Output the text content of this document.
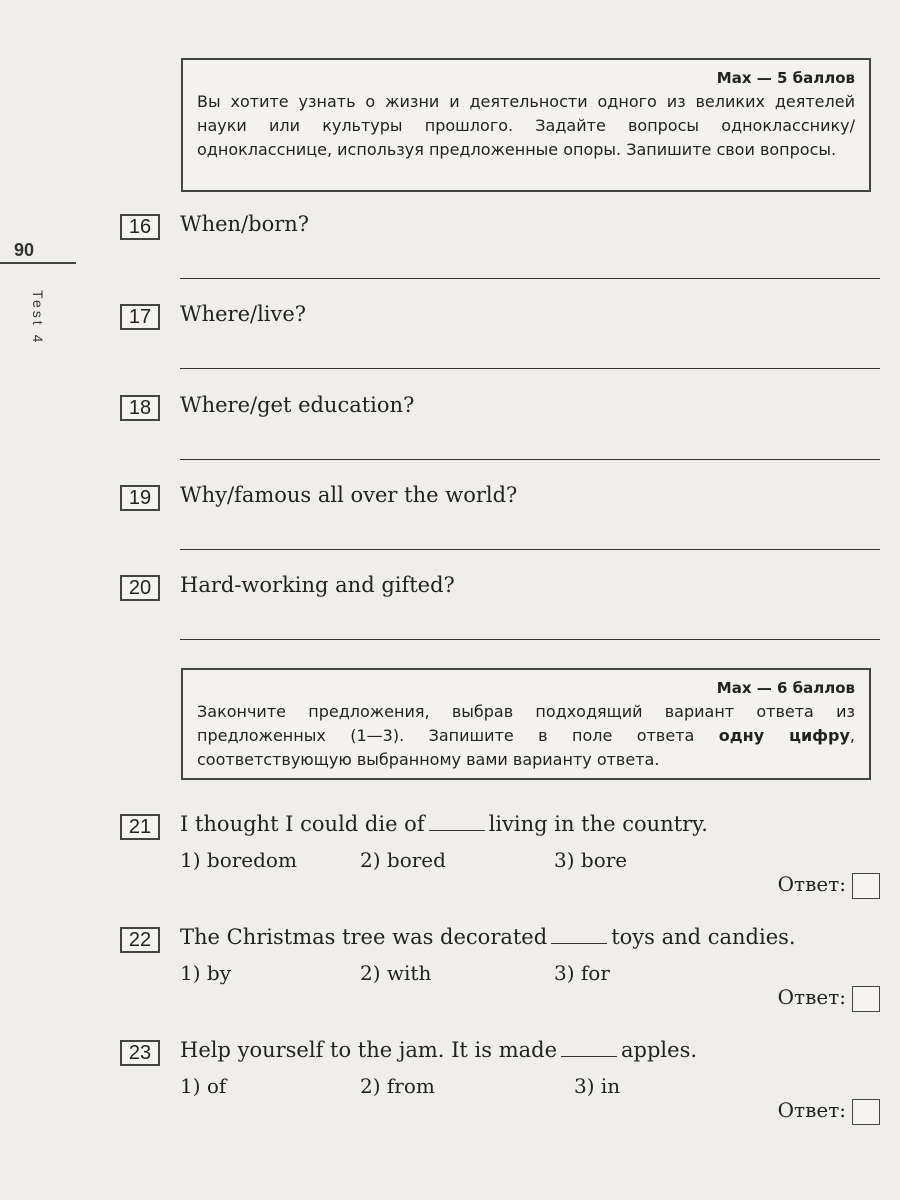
90
Test 4
Max — 5 баллов

Вы хотите узнать о жизни и деятельности одного из великих деятелей науки или культуры прошлого. Задайте вопросы однокласснику/однокласснице, используя предложенные опоры. Запишите свои вопросы.

16	When/born?
17	Where/live?
18	Where/get education?
19	Why/famous all over the world?
20	Hard-working and gifted?
Max — 6 баллов

Закончите предложения, выбрав подходящий вариант ответа из предложенных (1—3). Запишите в поле ответа одну цифру, соответствующую выбранному вами варианту ответа.

21	I thought I could die of	living in the country.
1) boredom	2) bored	3) bore
Ответ:
22	The Christmas tree was decorated	toys and candies.
1) by	2) with	3) for
Ответ:
23	Help yourself to the jam. It is made	apples.
1) of	2) from	3) in
Ответ:
